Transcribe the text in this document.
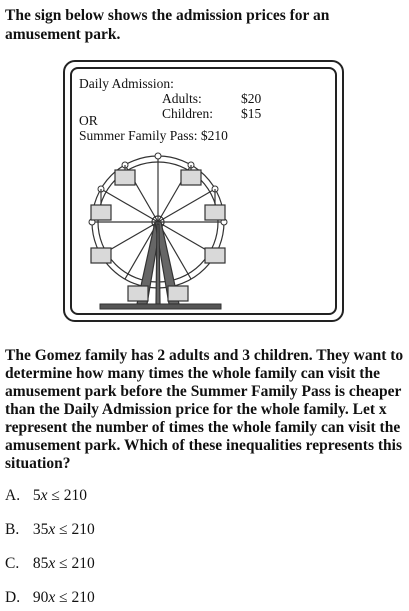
The sign below shows the admission prices for an amusement park.
Daily Admission:
Adults:	$20
Children: $15
OR
Summer Family Pass: $210
The Gomez family has 2 adults and 3 children. They want to determine how many times the whole family can visit the amusement park before the Summer Family Pass is cheaper than the Daily Admission price for the whole family. Let x represent the number of times the whole family can visit the amusement park. Which of these inequalities represents this situation?
A. 5x ≤ 210
B. 35x ≤ 210
C. 85x ≤ 210
D. 90x ≤ 210
